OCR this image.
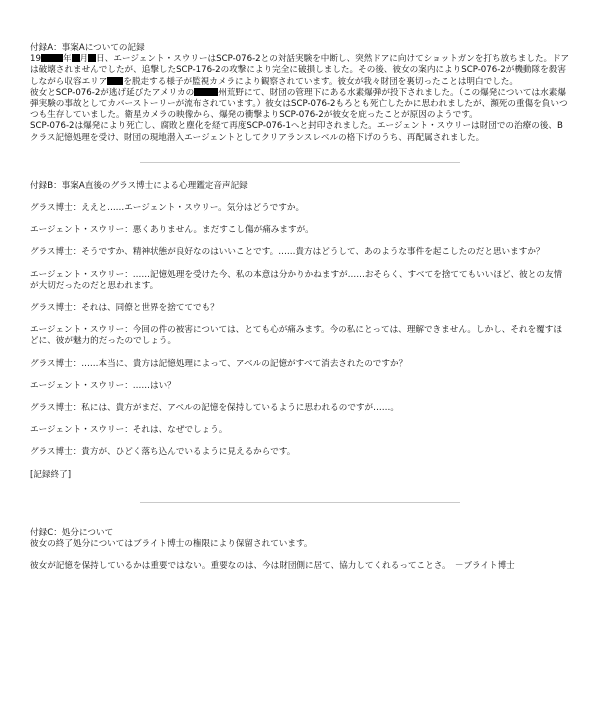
付録A：事案Aについての記録

19	年 月 日、エージェント・スウリーはSCP-076-2との対話実験を中断し、突然ドアに向けてショットガンを打ち放ちました。ドアは破壊されませんでしたが、追撃したSCP-176-2の攻撃により完全に破損しました。その後、彼女の案内によりSCP-076-2が機動隊を殺害しながら収容エリア を脱走する様子が監視カメラにより観察されています。彼女が我々財団を裏切ったことは明白でした。

彼女とSCP-076-2が逃げ延びたアメリカの	州荒野にて、財団の管理下にある水素爆弾が投下されました。（この爆発については水素爆弾実験の事故としてカバーストーリーが流布されています。）彼女はSCP-076-2もろとも死亡したかに思われましたが、瀕死の重傷を負いつつも生存していました。衛星カメラの映像から、爆発の衝撃よりSCP-076-2が彼女を庇ったことが原因のようです。

SCP-076-2は爆発により死亡し、腐敗と塵化を経て再度SCP-076-1へと封印されました。エージェント・スウリーは財団での治療の後、Bクラス記憶処理を受け、財団の現地潜入エージェントとしてクリアランスレベルの格下げのうち、再配属されました。

付録B：事案A直後のグラス博士による心理鑑定音声記録

グラス博士：ええと……エージェント・スウリー。気分はどうですか。

エージェント・スウリー：悪くありません。まだすこし傷が痛みますが。

グラス博士：そうですか、精神状態が良好なのはいいことです。……貴方はどうして、あのような事件を起こしたのだと思いますか？

エージェント・スウリー：……記憶処理を受けた今、私の本意は分かりかねますが……おそらく、すべてを捨ててもいいほど、彼との友情が大切だったのだと思われます。

グラス博士：それは、同僚と世界を捨ててでも？

エージェント・スウリー：今回の件の被害については、とても心が痛みます。今の私にとっては、理解できません。しかし、それを覆すほどに、彼が魅力的だったのでしょう。

グラス博士：……本当に、貴方は記憶処理によって、アベルの記憶がすべて消去されたのですか？

エージェント・スウリー：……はい？

グラス博士：私には、貴方がまだ、アベルの記憶を保持しているように思われるのですが……。

エージェント・スウリー：それは、なぜでしょう。

グラス博士：貴方が、ひどく落ち込んでいるように見えるからです。

[記録終了]

付録C：処分について

彼女の終了処分についてはブライト博士の権限により保留されています。

彼女が記憶を保持しているかは重要ではない。重要なのは、今は財団側に居て、協力してくれるってことさ。　－ブライト博士
